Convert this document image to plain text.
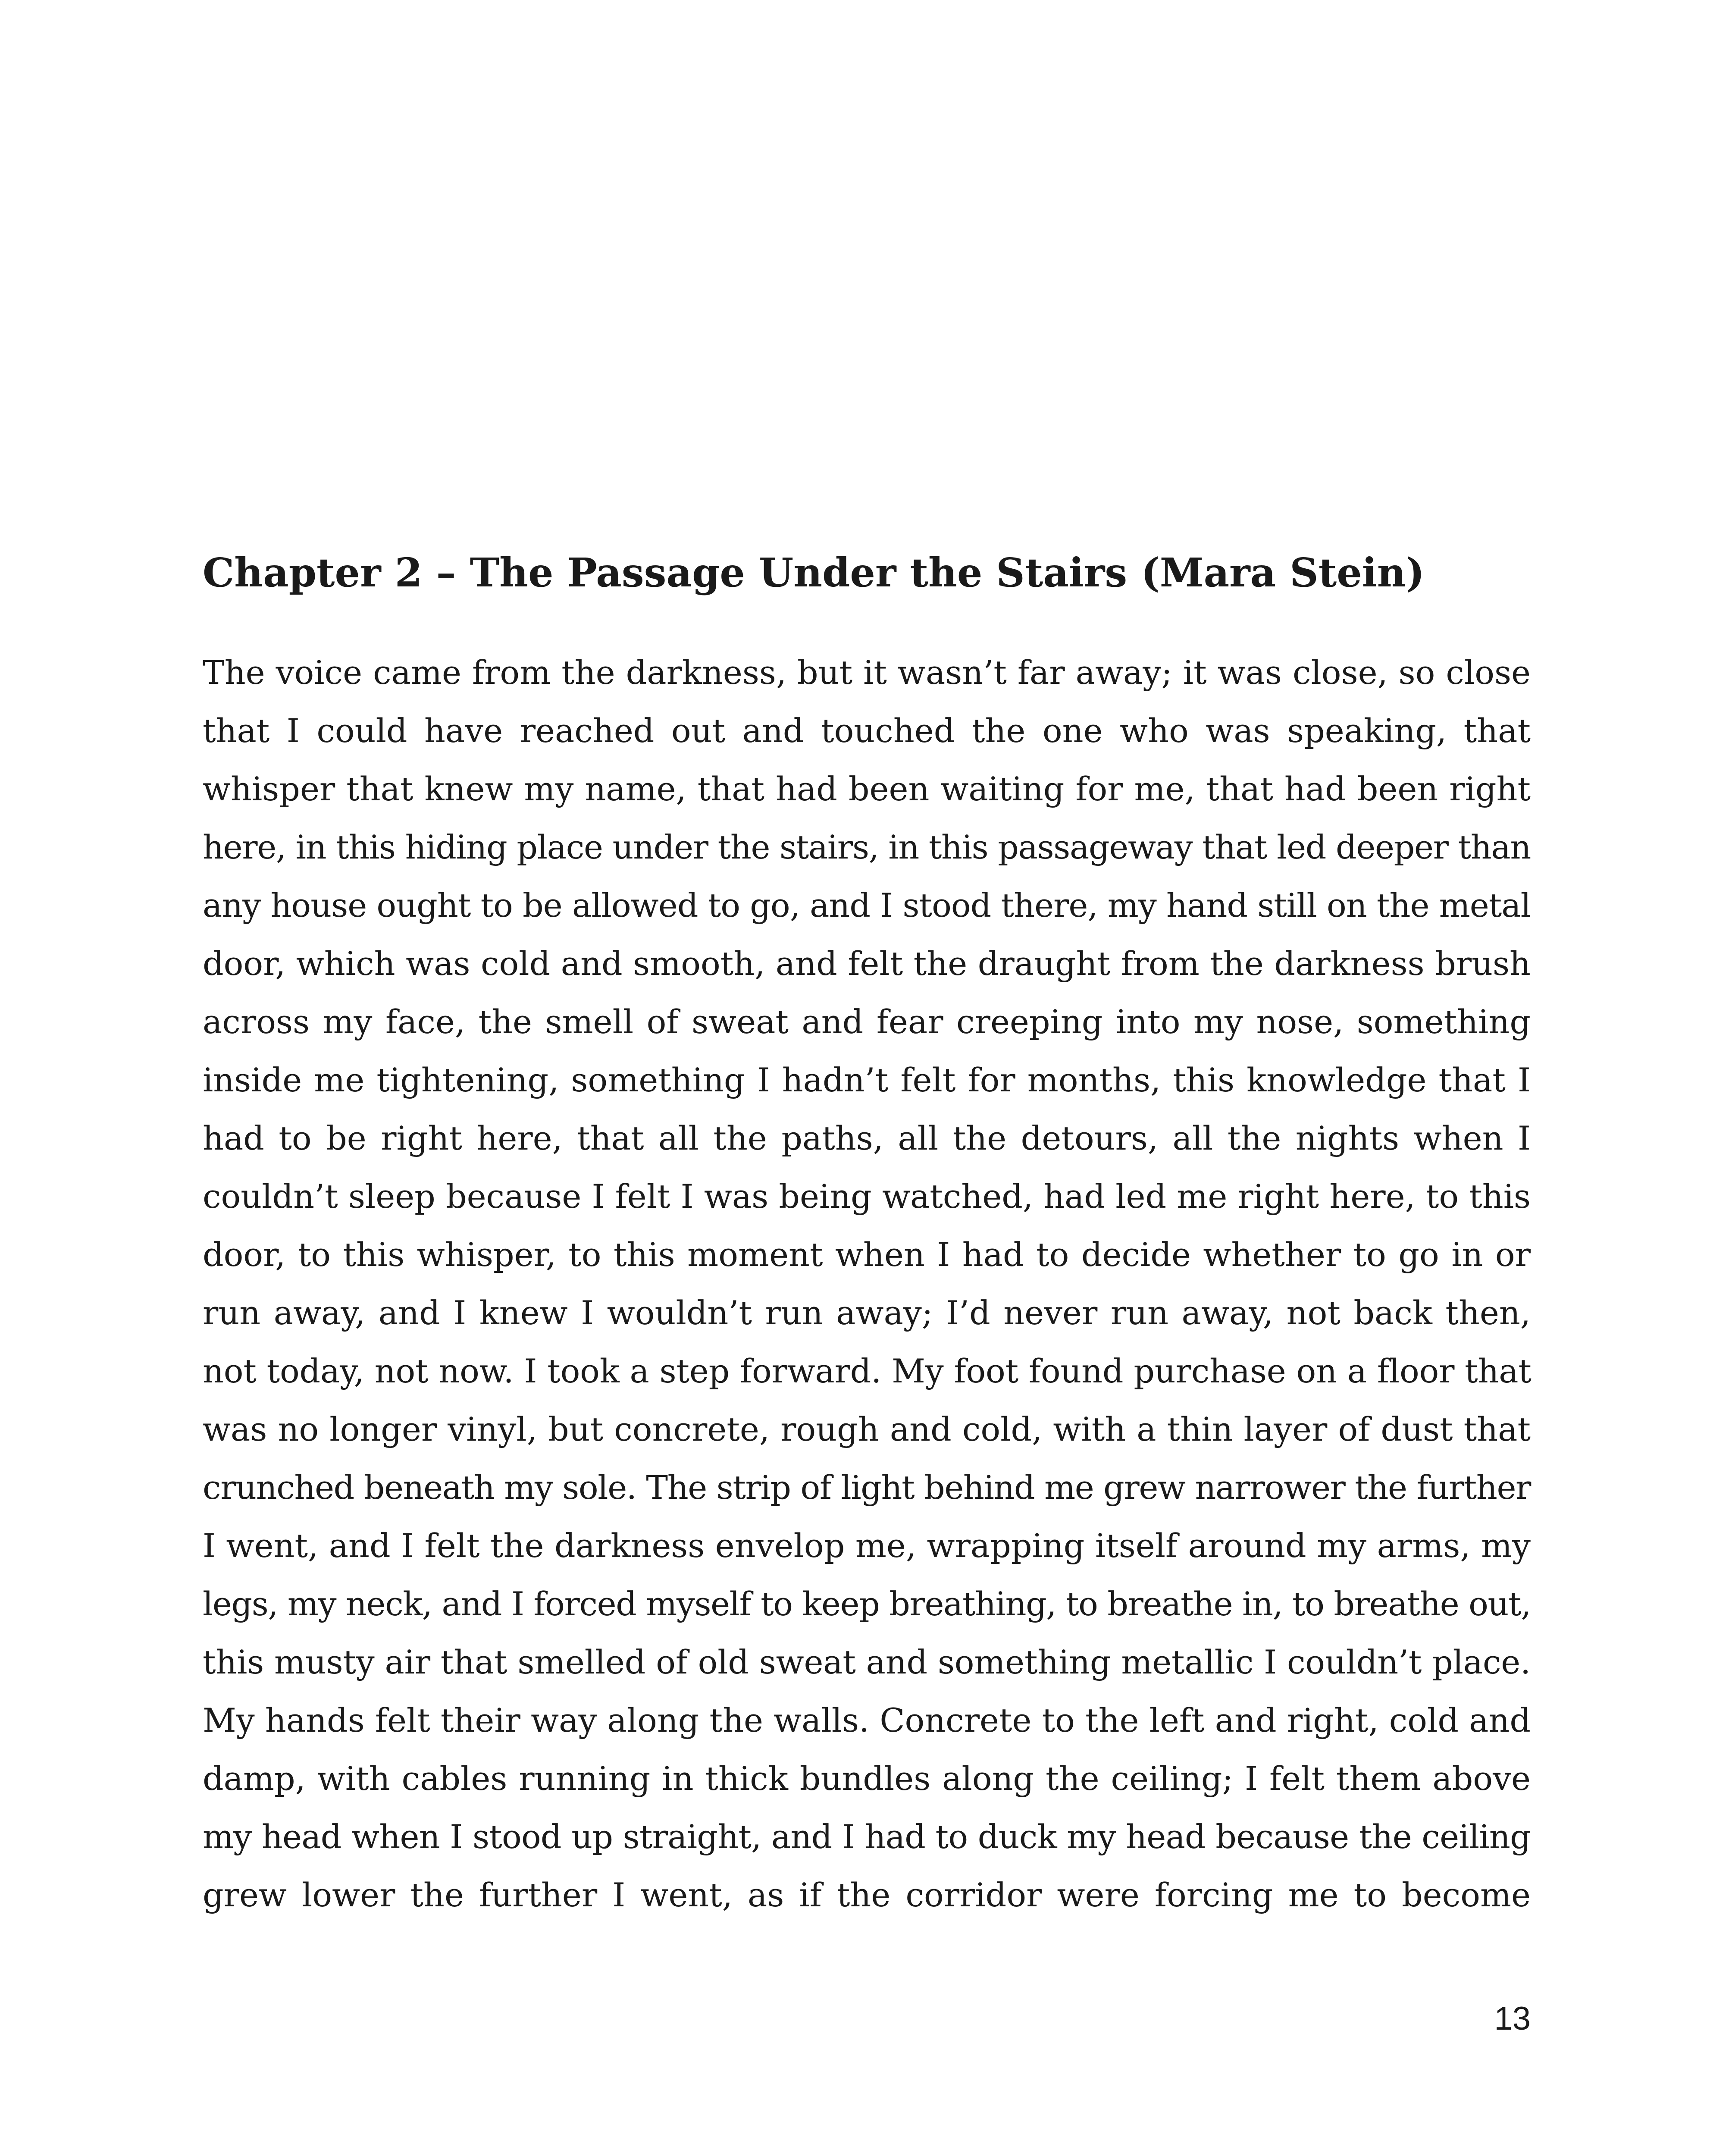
Chapter 2 – The Passage Under the Stairs (Mara Stein)
The voice came from the darkness, but it wasn’t far away; it was close, so close
that I could have reached out and touched the one who was speaking, that
whisper that knew my name, that had been waiting for me, that had been right
here, in this hiding place under the stairs, in this passageway that led deeper than
any house ought to be allowed to go, and I stood there, my hand still on the metal
door, which was cold and smooth, and felt the draught from the darkness brush
across my face, the smell of sweat and fear creeping into my nose, something
inside me tightening, something I hadn’t felt for months, this knowledge that I
had to be right here, that all the paths, all the detours, all the nights when I
couldn’t sleep because I felt I was being watched, had led me right here, to this
door, to this whisper, to this moment when I had to decide whether to go in or
run away, and I knew I wouldn’t run away; I’d never run away, not back then,
not today, not now. I took a step forward. My foot found purchase on a floor that
was no longer vinyl, but concrete, rough and cold, with a thin layer of dust that
crunched beneath my sole. The strip of light behind me grew narrower the further
I went, and I felt the darkness envelop me, wrapping itself around my arms, my
legs, my neck, and I forced myself to keep breathing, to breathe in, to breathe out,
this musty air that smelled of old sweat and something metallic I couldn’t place.
My hands felt their way along the walls. Concrete to the left and right, cold and
damp, with cables running in thick bundles along the ceiling; I felt them above
my head when I stood up straight, and I had to duck my head because the ceiling
grew lower the further I went, as if the corridor were forcing me to become
13
